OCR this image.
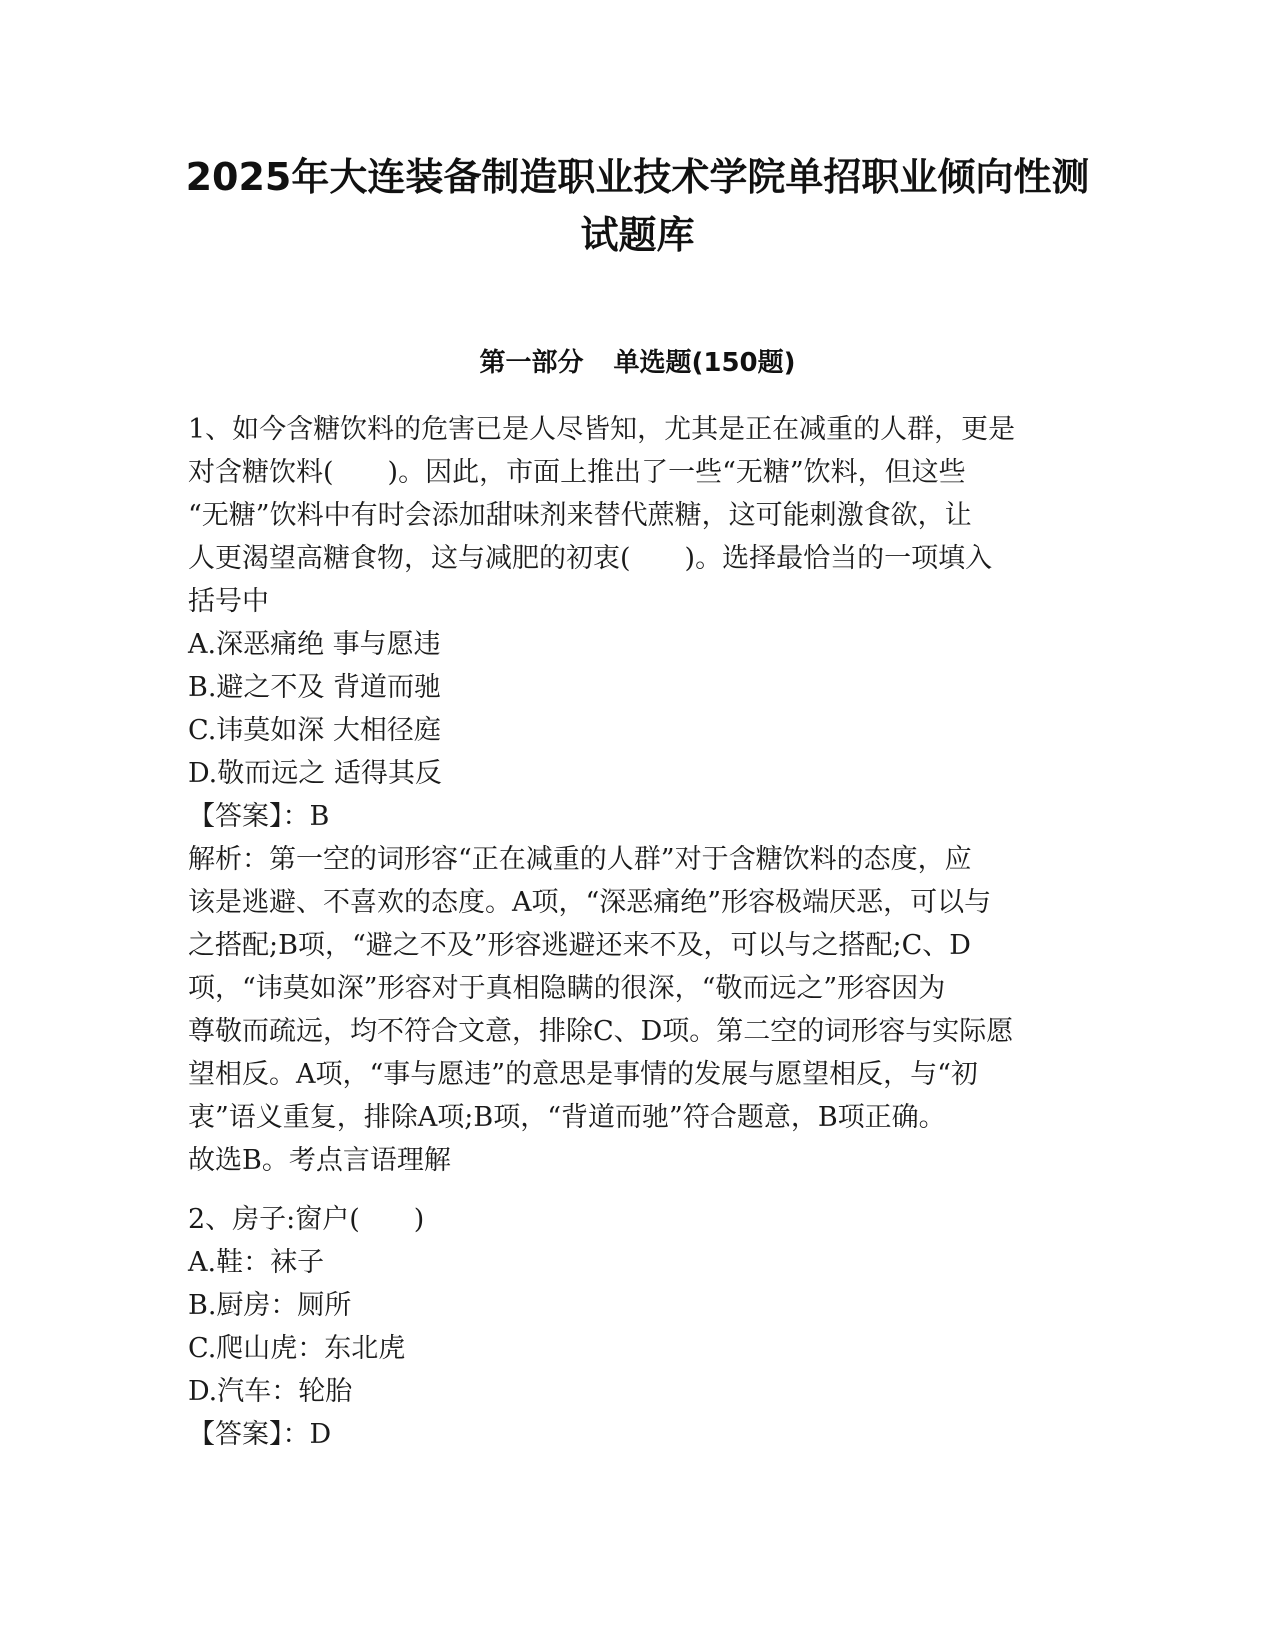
2025年大连装备制造职业技术学院单招职业倾向性测
试题库
第一部分 单选题(150题)
1、如今含糖饮料的危害已是人尽皆知，尤其是正在减重的人群，更是
对含糖饮料(　　)。因此，市面上推出了一些“无糖”饮料，但这些
“无糖”饮料中有时会添加甜味剂来替代蔗糖，这可能刺激食欲，让
人更渴望高糖食物，这与减肥的初衷(　　)。选择最恰当的一项填入
括号中
A.深恶痛绝 事与愿违
B.避之不及 背道而驰
C.讳莫如深 大相径庭
D.敬而远之 适得其反
【答案】：B
解析：第一空的词形容“正在减重的人群”对于含糖饮料的态度，应
该是逃避、不喜欢的态度。A项，“深恶痛绝”形容极端厌恶，可以与
之搭配;B项，“避之不及”形容逃避还来不及，可以与之搭配;C、D
项，“讳莫如深”形容对于真相隐瞒的很深，“敬而远之”形容因为
尊敬而疏远，均不符合文意，排除C、D项。第二空的词形容与实际愿
望相反。A项，“事与愿违”的意思是事情的发展与愿望相反，与“初
衷”语义重复，排除A项;B项，“背道而驰”符合题意，B项正确。
故选B。考点言语理解
2、房子:窗户(　　)
A.鞋：袜子
B.厨房：厕所
C.爬山虎：东北虎
D.汽车：轮胎
【答案】：D
